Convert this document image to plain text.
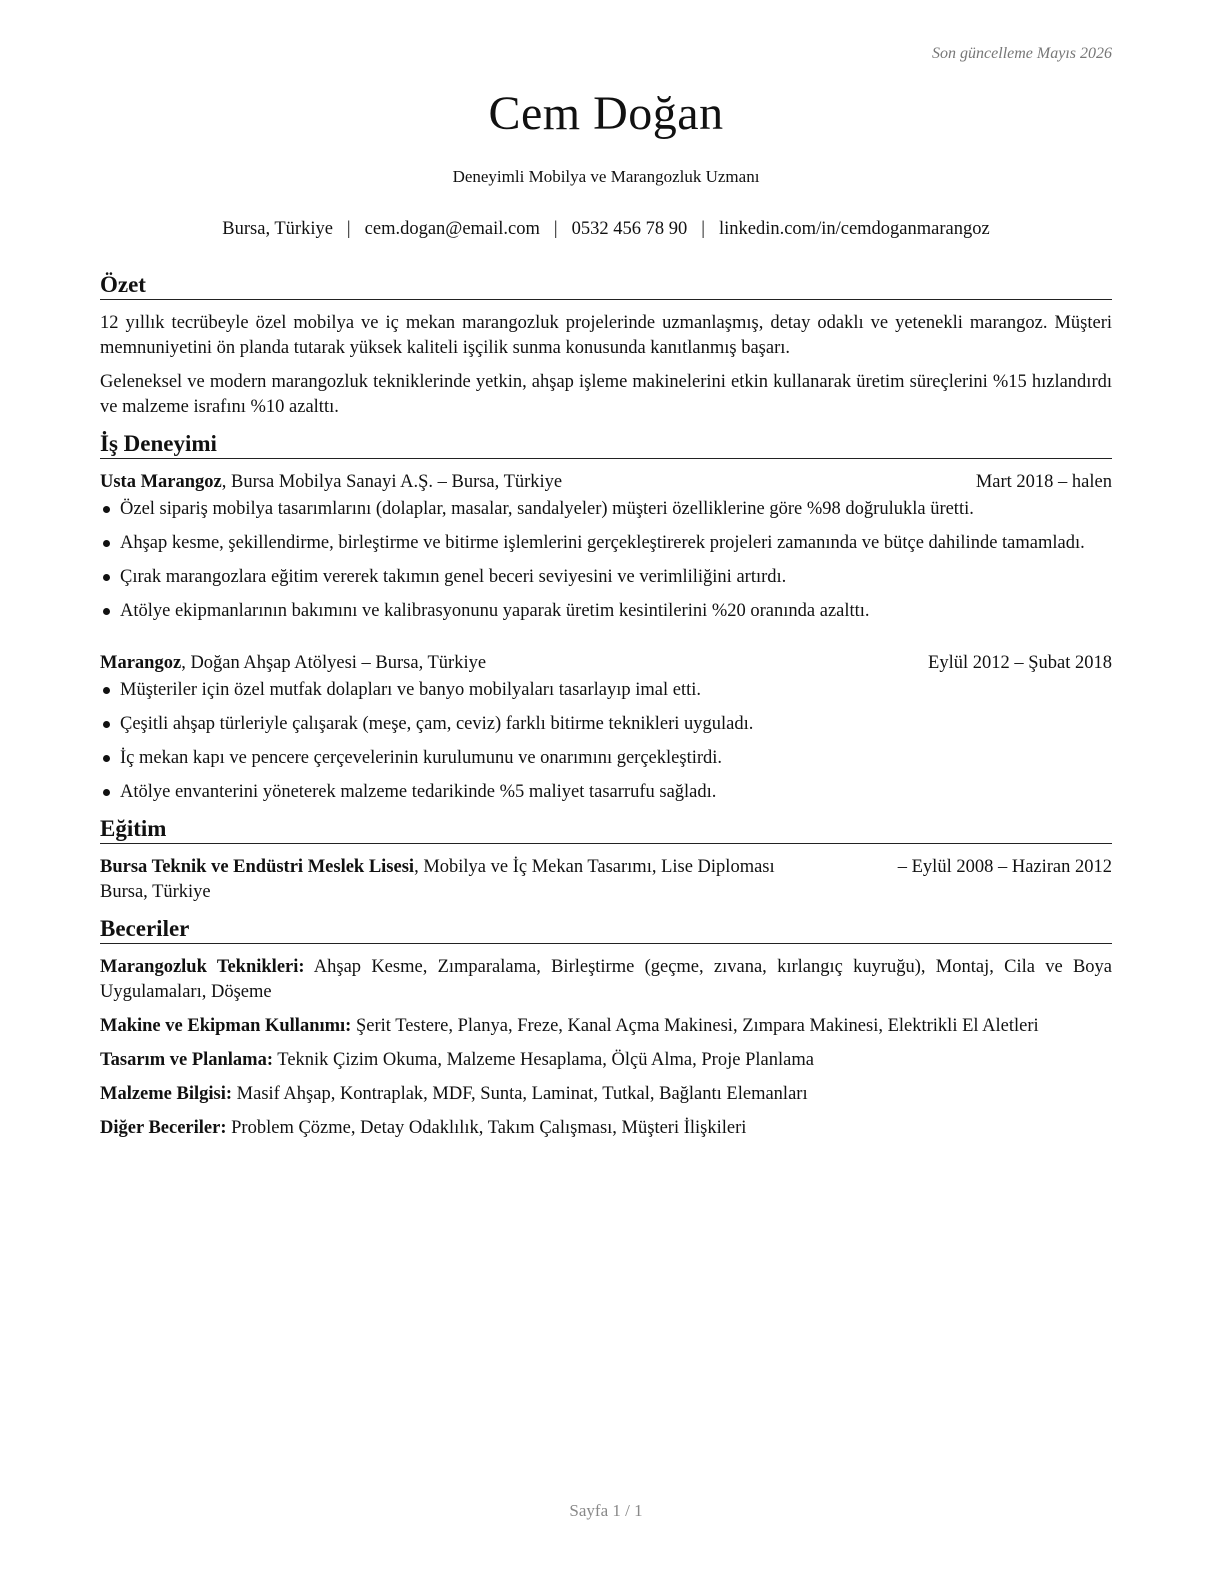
Son güncelleme Mayıs 2026
Cem Doğan
Deneyimli Mobilya ve Marangozluk Uzmanı
Bursa, Türkiye | cem.dogan@email.com | 0532 456 78 90 | linkedin.com/in/cemdoganmarangoz
Özet

12 yıllık tecrübeyle özel mobilya ve iç mekan marangozluk projelerinde uzmanlaşmış, detay odaklı ve yetenekli marangoz. Müşteri memnuniyetini ön planda tutarak yüksek kaliteli işçilik sunma konusunda kanıtlanmış başarı.

Geleneksel ve modern marangozluk tekniklerinde yetkin, ahşap işleme makinelerini etkin kullanarak üretim süreçlerini %15 hızlandırdı ve malzeme israfını %10 azalttı.

İş Deneyimi
Usta Marangoz, Bursa Mobilya Sanayi A.Ş. – Bursa, Türkiye	Mart 2018 – halen
Özel sipariş mobilya tasarımlarını (dolaplar, masalar, sandalyeler) müşteri özelliklerine göre %98 doğrulukla üretti.
Ahşap kesme, şekillendirme, birleştirme ve bitirme işlemlerini gerçekleştirerek projeleri zamanında ve bütçe dahilinde tamamladı.
Çırak marangozlara eğitim vererek takımın genel beceri seviyesini ve verimliliğini artırdı.
Atölye ekipmanlarının bakımını ve kalibrasyonunu yaparak üretim kesintilerini %20 oranında azalttı.
Marangoz, Doğan Ahşap Atölyesi – Bursa, Türkiye	Eylül 2012 – Şubat 2018
Müşteriler için özel mutfak dolapları ve banyo mobilyaları tasarlayıp imal etti.
Çeşitli ahşap türleriyle çalışarak (meşe, çam, ceviz) farklı bitirme teknikleri uyguladı.
İç mekan kapı ve pencere çerçevelerinin kurulumunu ve onarımını gerçekleştirdi.
Atölye envanterini yöneterek malzeme tedarikinde %5 maliyet tasarrufu sağladı.
Eğitim
Bursa Teknik ve Endüstri Meslek Lisesi, Mobilya ve İç Mekan Tasarımı, Lise Diploması	– Eylül 2008 – Haziran 2012
Bursa, Türkiye
Beceriler
Marangozluk Teknikleri: Ahşap Kesme, Zımparalama, Birleştirme (geçme, zıvana, kırlangıç kuyruğu), Montaj, Cila ve Boya Uygulamaları, Döşeme
Makine ve Ekipman Kullanımı: Şerit Testere, Planya, Freze, Kanal Açma Makinesi, Zımpara Makinesi, Elektrikli El Aletleri
Tasarım ve Planlama: Teknik Çizim Okuma, Malzeme Hesaplama, Ölçü Alma, Proje Planlama
Malzeme Bilgisi: Masif Ahşap, Kontraplak, MDF, Sunta, Laminat, Tutkal, Bağlantı Elemanları
Diğer Beceriler: Problem Çözme, Detay Odaklılık, Takım Çalışması, Müşteri İlişkileri
Sayfa 1 / 1
